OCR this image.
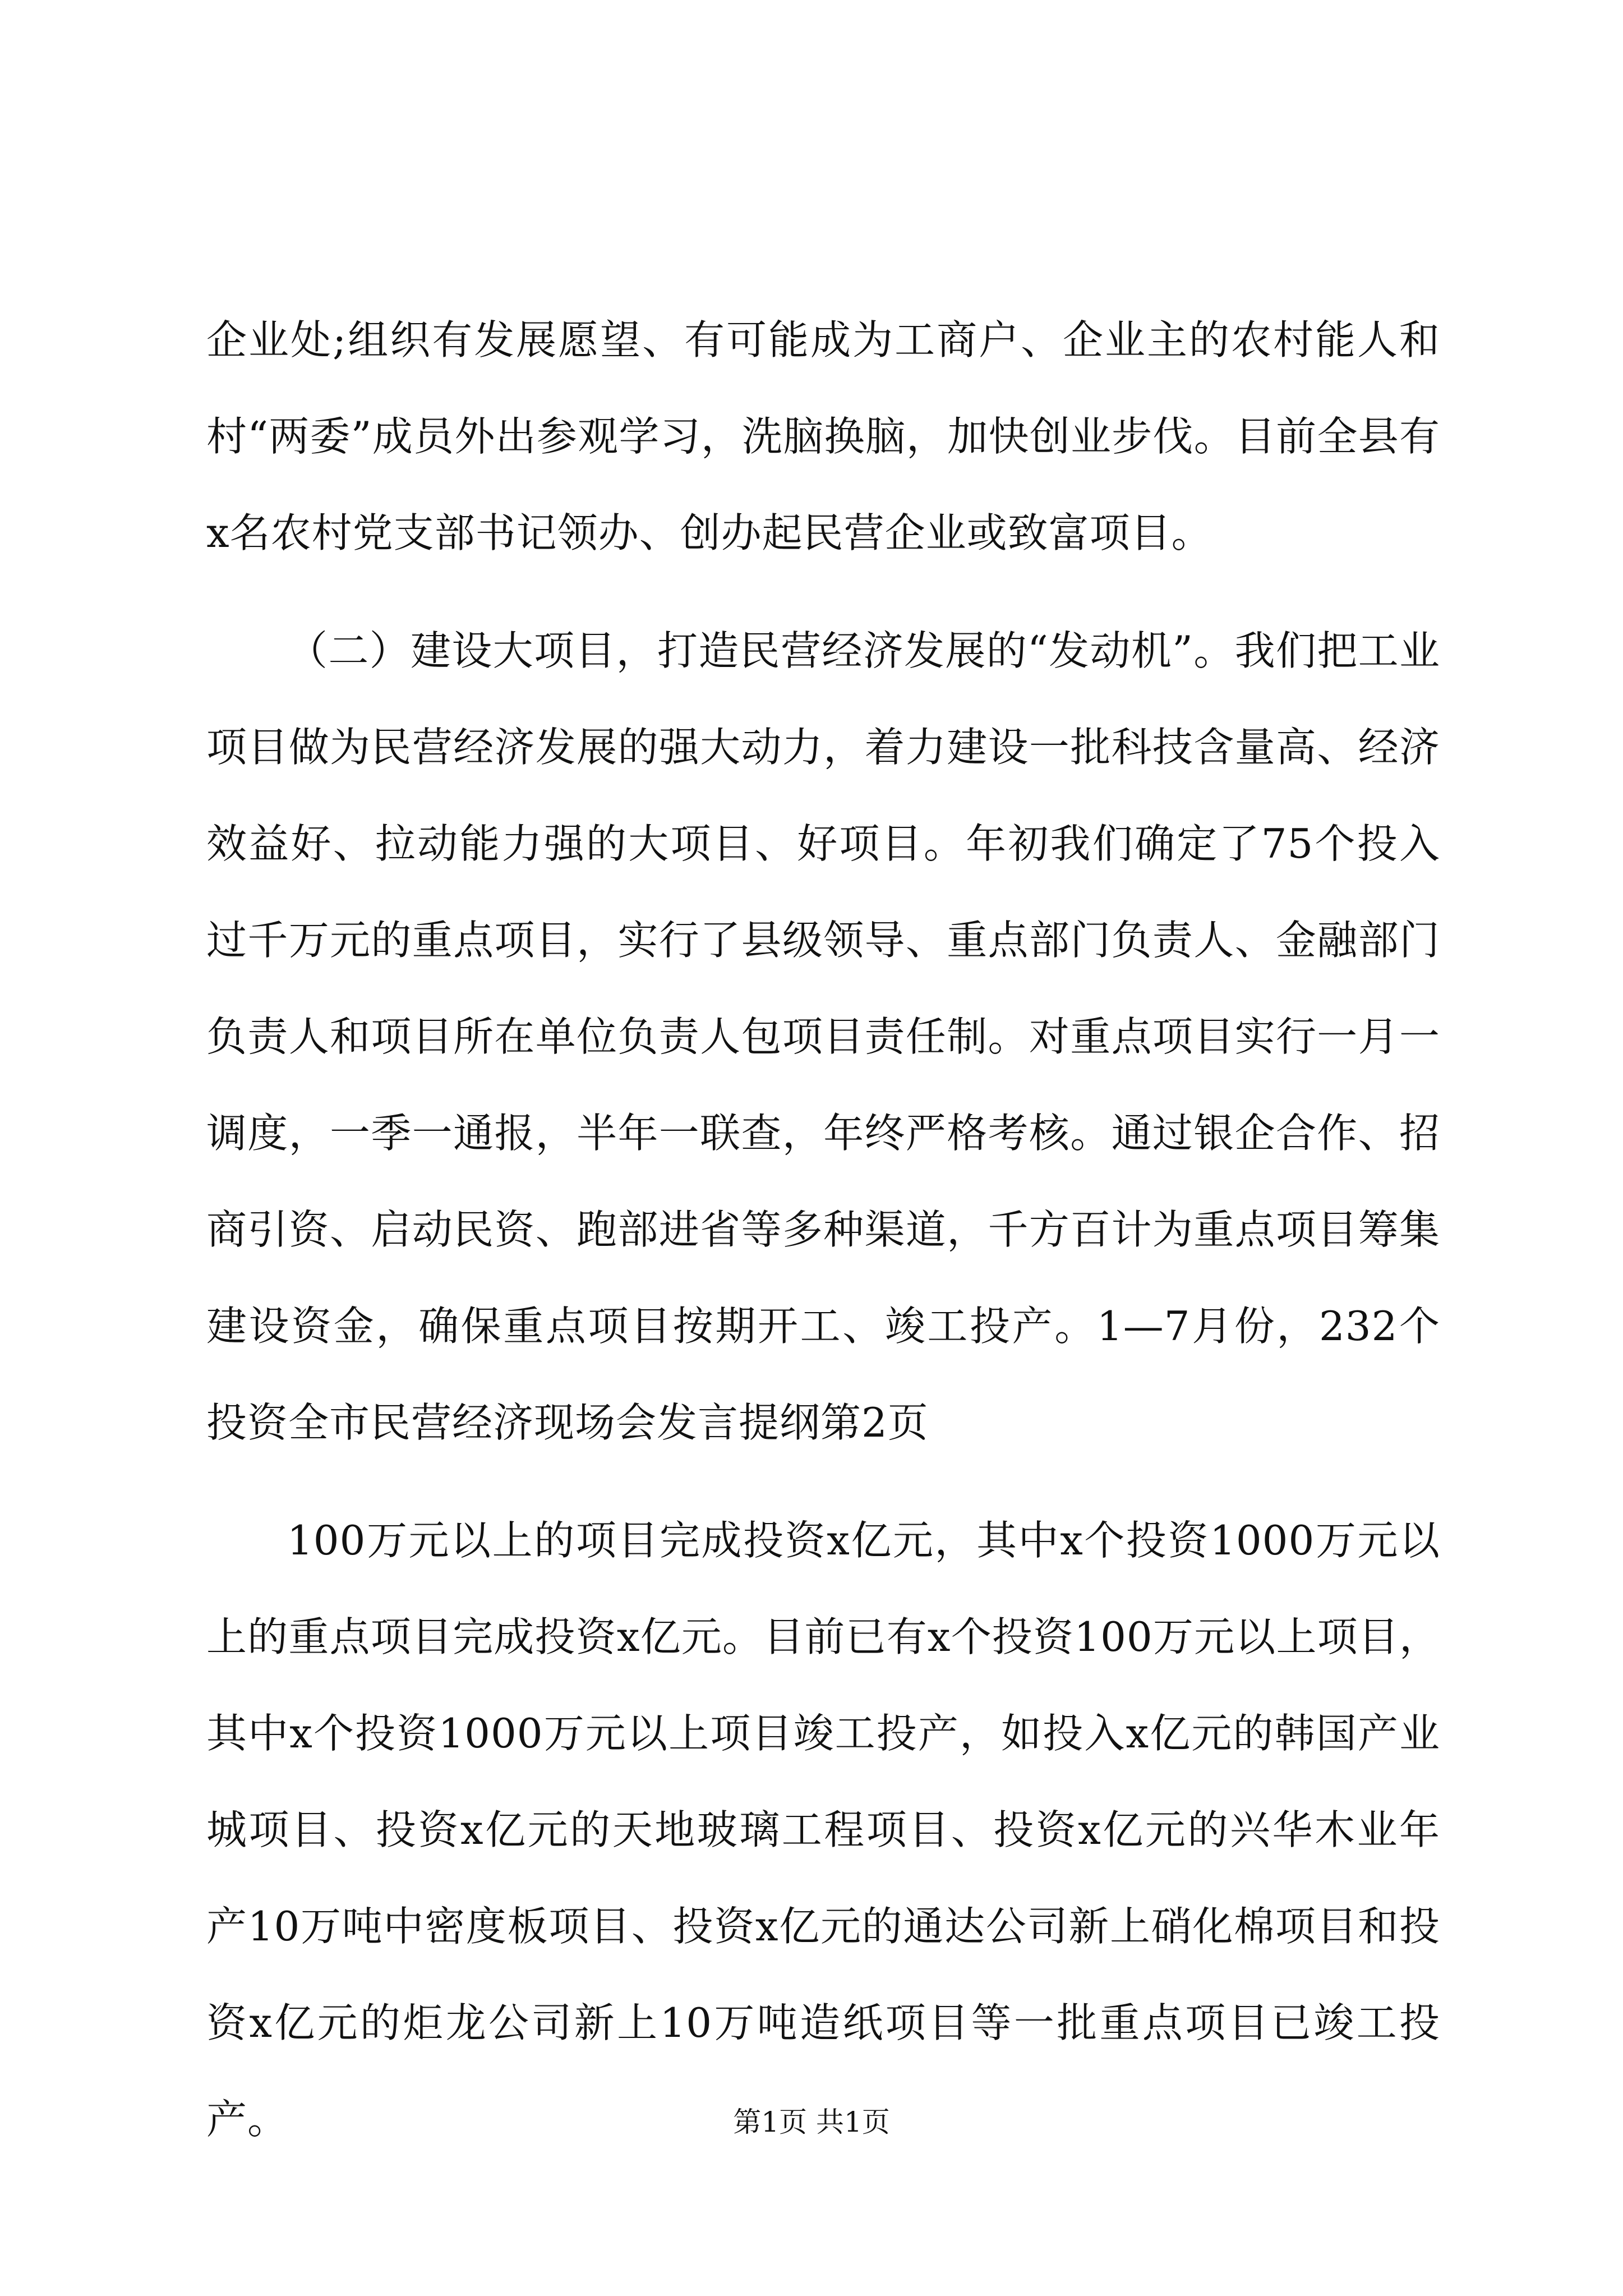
企业处;组织有发展愿望、有可能成为工商户、企业主的农村能人和村“两委”成员外出参观学习，洗脑换脑，加快创业步伐。目前全县有x名农村党支部书记领办、创办起民营企业或致富项目。

（二）建设大项目，打造民营经济发展的“发动机”。我们把工业项目做为民营经济发展的强大动力，着力建设一批科技含量高、经济效益好、拉动能力强的大项目、好项目。年初我们确定了75个投入过千万元的重点项目，实行了县级领导、重点部门负责人、金融部门负责人和项目所在单位负责人包项目责任制。对重点项目实行一月一调度，一季一通报，半年一联查，年终严格考核。通过银企合作、招商引资、启动民资、跑部进省等多种渠道，千方百计为重点项目筹集建设资金，确保重点项目按期开工、竣工投产。1—7月份，232个投资全市民营经济现场会发言提纲第2页

100万元以上的项目完成投资x亿元，其中x个投资1000万元以上的重点项目完成投资x亿元。目前已有x个投资100万元以上项目，其中x个投资1000万元以上项目竣工投产，如投入x亿元的韩国产业城项目、投资x亿元的天地玻璃工程项目、投资x亿元的兴华木业年产10万吨中密度板项目、投资x亿元的通达公司新上硝化棉项目和投资x亿元的炬龙公司新上10万吨造纸项目等一批重点项目已竣工投产。	第1页 共1页
